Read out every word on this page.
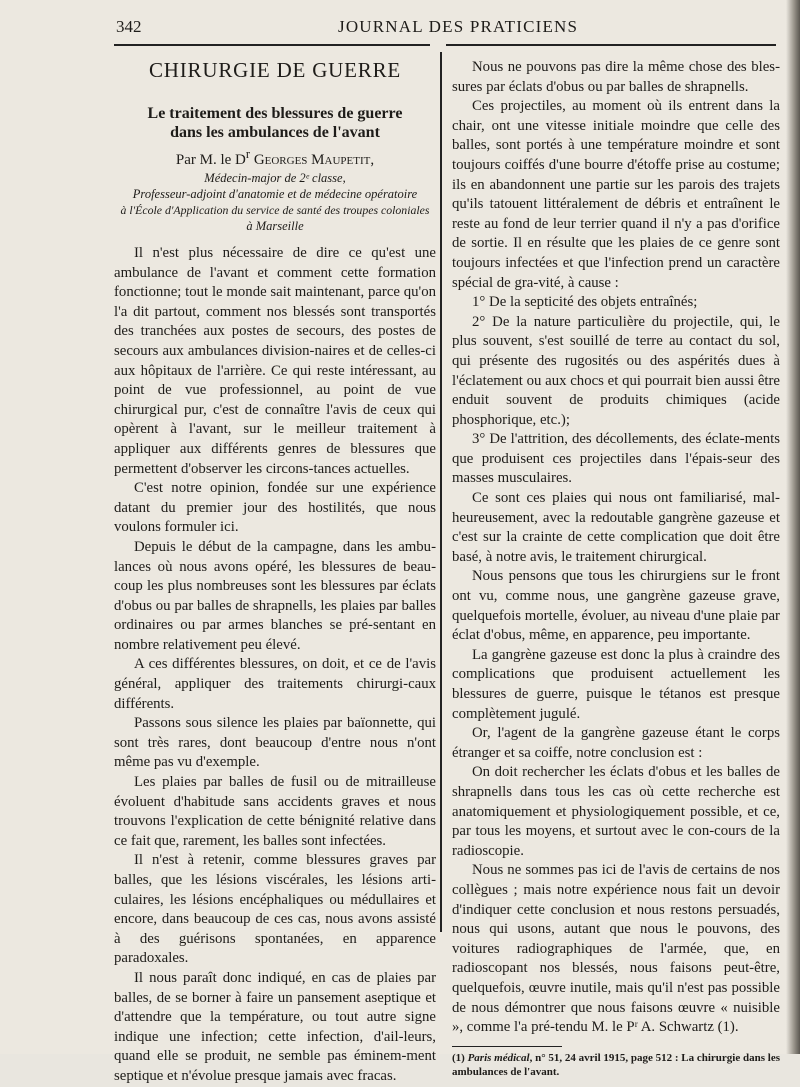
342	JOURNAL DES PRATICIENS
CHIRURGIE DE GUERRE
Le traitement des blessures de guerre
dans les ambulances de l'avant
Par M. le $D^r$ Georges Maupetit,
Médecin-major de 2ᵉ classe,
Professeur-adjoint d'anatomie et de médecine opératoire
à l'École d'Application du service de santé des troupes coloniales
à Marseille

Il n'est plus nécessaire de dire ce qu'est une ambulance de l'avant et comment cette formation fonctionne; tout le monde sait maintenant, parce qu'on l'a dit partout, comment nos blessés sont transportés des tranchées aux postes de secours, des postes de secours aux ambulances division-naires et de celles-ci aux hôpitaux de l'arrière. Ce qui reste intéressant, au point de vue professionnel, au point de vue chirurgical pur, c'est de connaître l'avis de ceux qui opèrent à l'avant, sur le meilleur traitement à appliquer aux différents genres de blessures que permettent d'observer les circons-tances actuelles.

C'est notre opinion, fondée sur une expérience datant du premier jour des hostilités, que nous voulons formuler ici.

Depuis le début de la campagne, dans les ambu-lances où nous avons opéré, les blessures de beau-coup les plus nombreuses sont les blessures par éclats d'obus ou par balles de shrapnells, les plaies par balles ordinaires ou par armes blanches se pré-sentant en nombre relativement peu élevé.

A ces différentes blessures, on doit, et ce de l'avis général, appliquer des traitements chirurgi-caux différents.

Passons sous silence les plaies par baïonnette, qui sont très rares, dont beaucoup d'entre nous n'ont même pas vu d'exemple.

Les plaies par balles de fusil ou de mitrailleuse évoluent d'habitude sans accidents graves et nous trouvons l'explication de cette bénignité relative dans ce fait que, rarement, les balles sont infectées.

Il n'est à retenir, comme blessures graves par balles, que les lésions viscérales, les lésions arti-culaires, les lésions encéphaliques ou médullaires et encore, dans beaucoup de ces cas, nous avons assisté à des guérisons spontanées, en apparence paradoxales.

Il nous paraît donc indiqué, en cas de plaies par balles, de se borner à faire un pansement aseptique et d'attendre que la température, ou tout autre signe indique une infection; cette infection, d'ail-leurs, quand elle se produit, ne semble pas éminem-ment septique et n'évolue presque jamais avec fracas.

Nous ne pouvons pas dire la même chose des bles-sures par éclats d'obus ou par balles de shrapnells.

Ces projectiles, au moment où ils entrent dans la chair, ont une vitesse initiale moindre que celle des balles, sont portés à une température moindre et sont toujours coiffés d'une bourre d'étoffe prise au costume; ils en abandonnent une partie sur les parois des trajets qu'ils tatouent littéralement de débris et entraînent le reste au fond de leur terrier quand il n'y a pas d'orifice de sortie. Il en résulte que les plaies de ce genre sont toujours infectées et que l'infection prend un caractère spécial de gra-vité, à cause :

1° De la septicité des objets entraînés;

2° De la nature particulière du projectile, qui, le plus souvent, s'est souillé de terre au contact du sol, qui présente des rugosités ou des aspérités dues à l'éclatement ou aux chocs et qui pourrait bien aussi être enduit souvent de produits chimiques (acide phosphorique, etc.);

3° De l'attrition, des décollements, des éclate-ments que produisent ces projectiles dans l'épais-seur des masses musculaires.

Ce sont ces plaies qui nous ont familiarisé, mal-heureusement, avec la redoutable gangrène gazeuse et c'est sur la crainte de cette complication que doit être basé, à notre avis, le traitement chirurgical.

Nous pensons que tous les chirurgiens sur le front ont vu, comme nous, une gangrène gazeuse grave, quelquefois mortelle, évoluer, au niveau d'une plaie par éclat d'obus, même, en apparence, peu importante.

La gangrène gazeuse est donc la plus à craindre des complications que produisent actuellement les blessures de guerre, puisque le tétanos est presque complètement jugulé.

Or, l'agent de la gangrène gazeuse étant le corps étranger et sa coiffe, notre conclusion est :

On doit rechercher les éclats d'obus et les balles de shrapnells dans tous les cas où cette recherche est anatomiquement et physiologiquement possible, et ce, par tous les moyens, et surtout avec le con-cours de la radioscopie.

Nous ne sommes pas ici de l'avis de certains de nos collègues ; mais notre expérience nous fait un devoir d'indiquer cette conclusion et nous restons persuadés, nous qui usons, autant que nous le pouvons, des voitures radiographiques de l'armée, que, en radioscopant nos blessés, nous faisons peut-être, quelquefois, œuvre inutile, mais qu'il n'est pas possible de nous démontrer que nous faisons œuvre « nuisible », comme l'a pré-tendu M. le Pʳ A. Schwartz (1).

(1) Paris médical, n° 51, 24 avril 1915, page 512 : La chirurgie dans les ambulances de l'avant.
